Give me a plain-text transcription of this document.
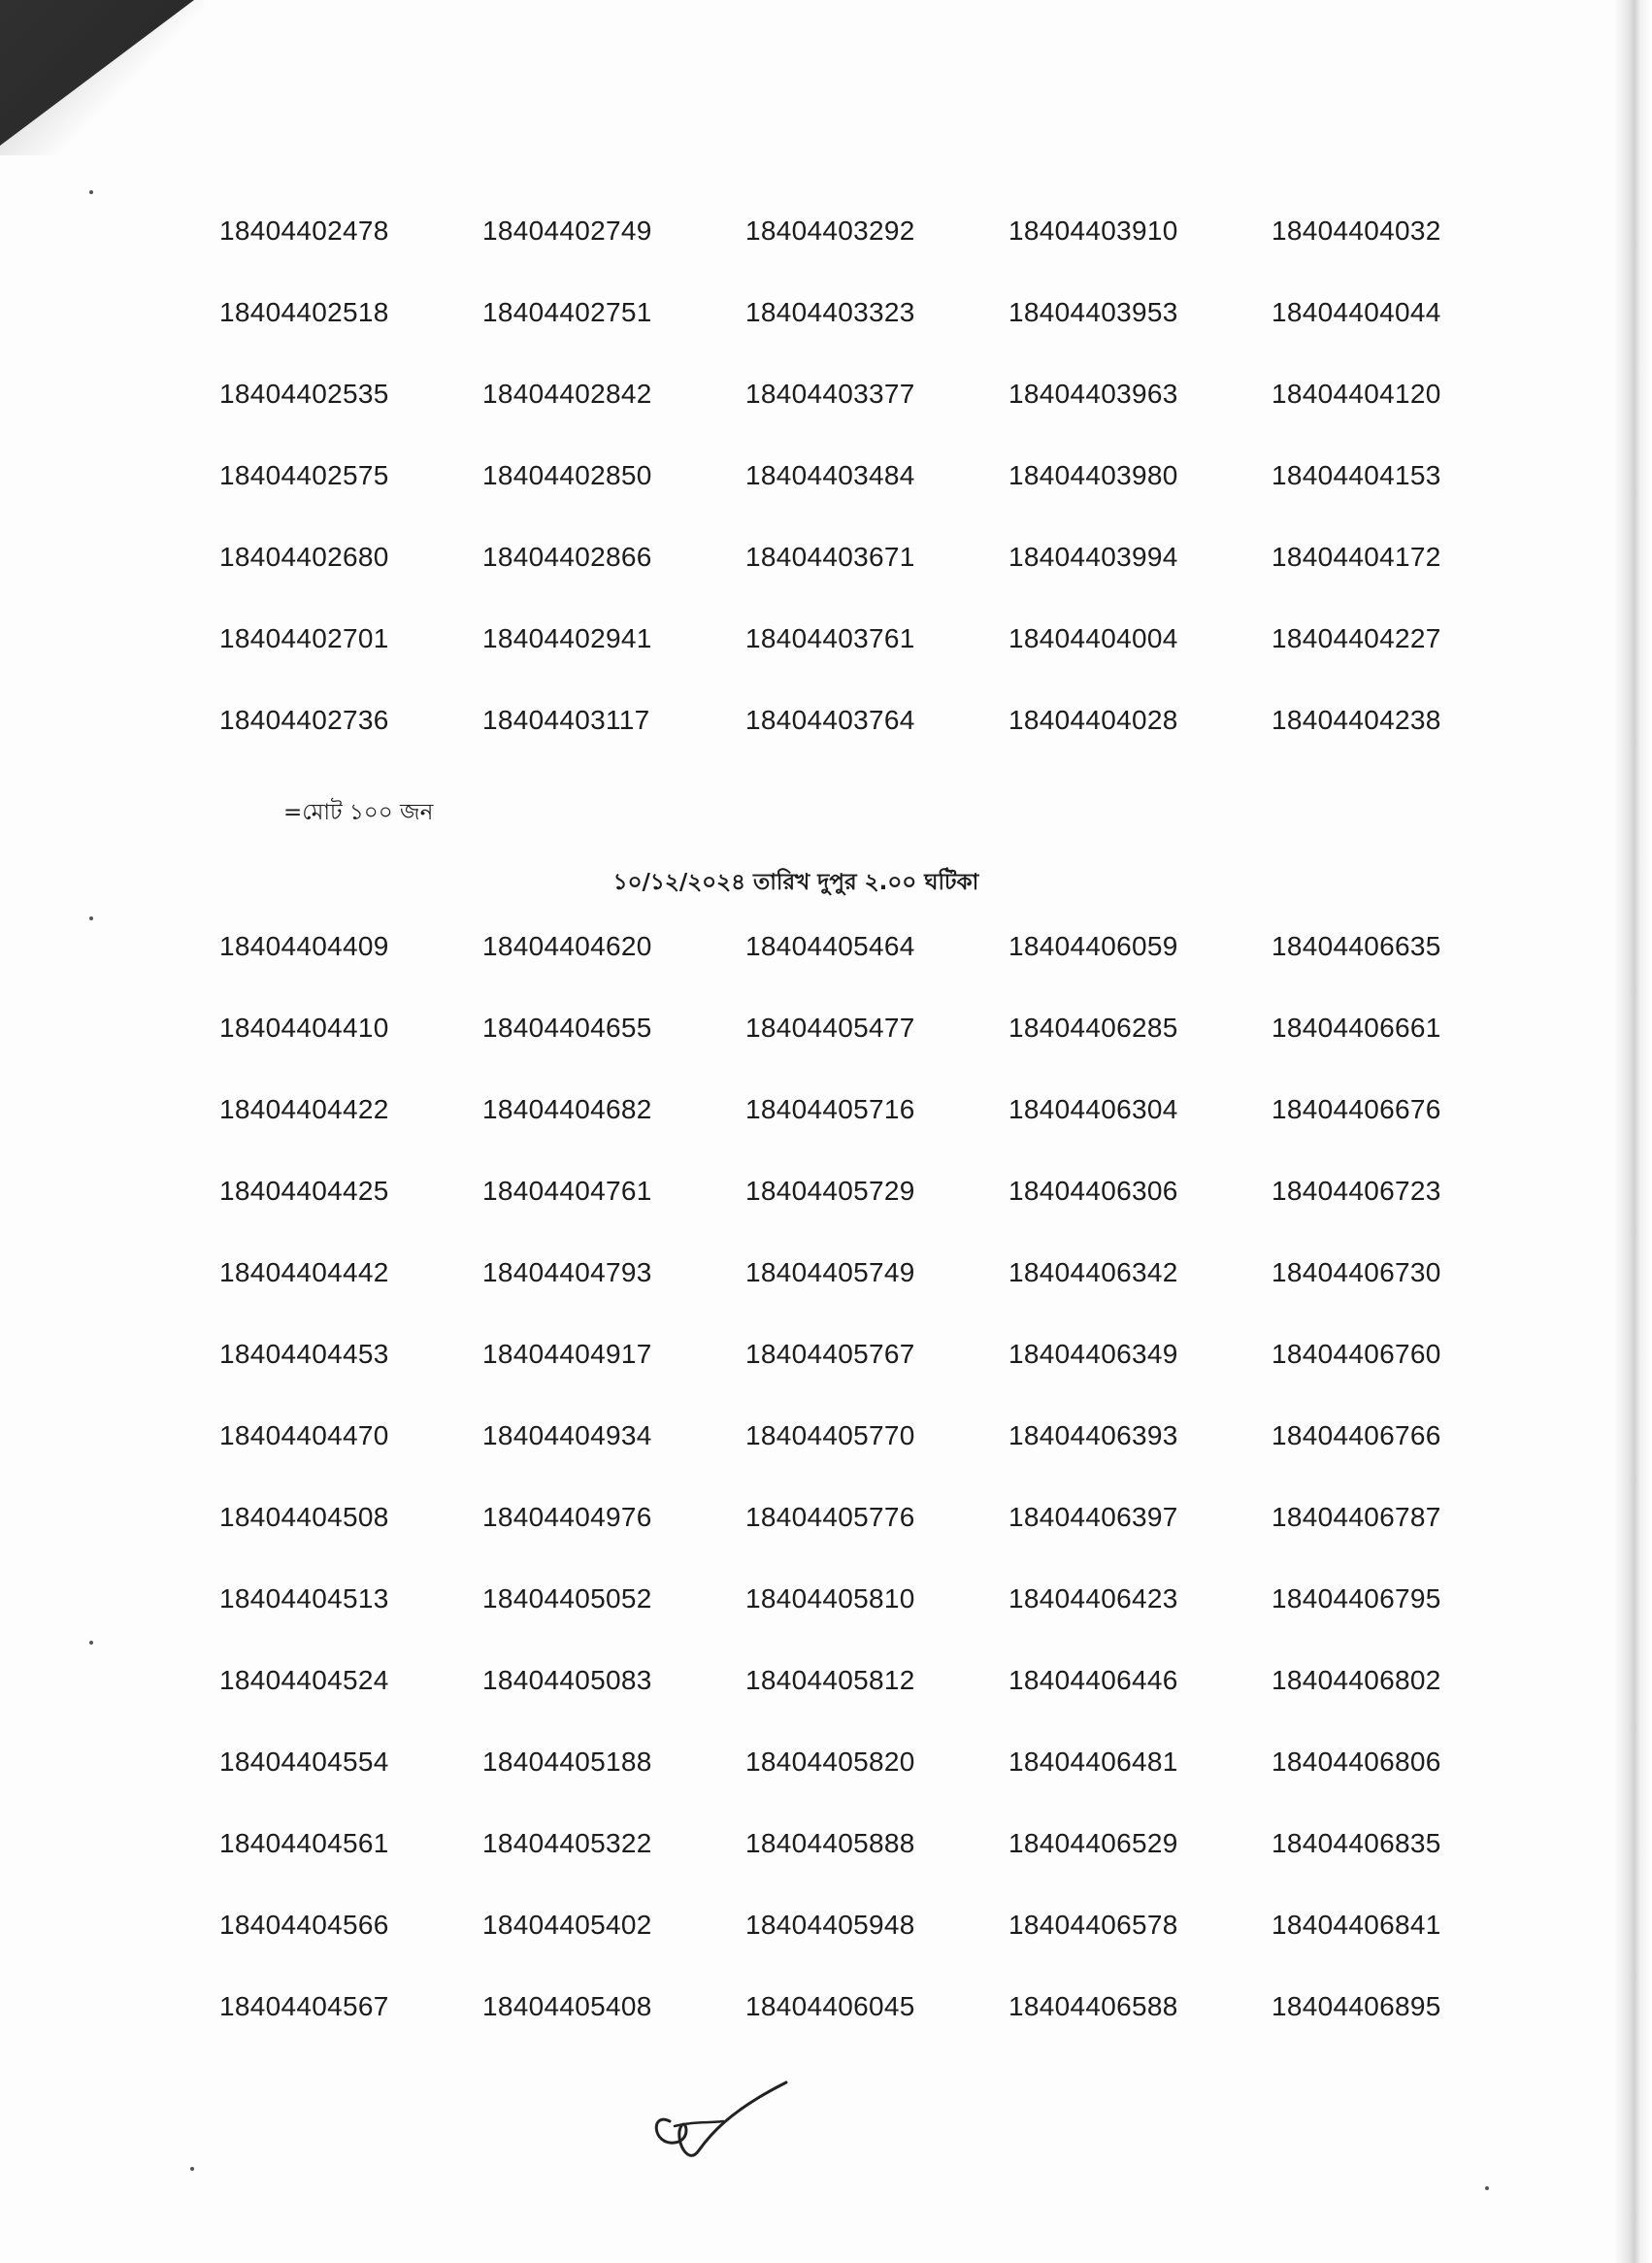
18404402478	18404402749	18404403292	18404403910	18404404032
18404402518	18404402751	18404403323	18404403953	18404404044
18404402535	18404402842	18404403377	18404403963	18404404120
18404402575	18404402850	18404403484	18404403980	18404404153
18404402680	18404402866	18404403671	18404403994	18404404172
18404402701	18404402941	18404403761	18404404004	18404404227
18404402736	18404403117	18404403764	18404404028	18404404238
=মোট ১০০ জন
১০/১২/২০২৪ তারিখ দুপুর ২.০০ ঘটিকা
18404404409	18404404620	18404405464	18404406059	18404406635
18404404410	18404404655	18404405477	18404406285	18404406661
18404404422	18404404682	18404405716	18404406304	18404406676
18404404425	18404404761	18404405729	18404406306	18404406723
18404404442	18404404793	18404405749	18404406342	18404406730
18404404453	18404404917	18404405767	18404406349	18404406760
18404404470	18404404934	18404405770	18404406393	18404406766
18404404508	18404404976	18404405776	18404406397	18404406787
18404404513	18404405052	18404405810	18404406423	18404406795
18404404524	18404405083	18404405812	18404406446	18404406802
18404404554	18404405188	18404405820	18404406481	18404406806
18404404561	18404405322	18404405888	18404406529	18404406835
18404404566	18404405402	18404405948	18404406578	18404406841
18404404567	18404405408	18404406045	18404406588	18404406895
